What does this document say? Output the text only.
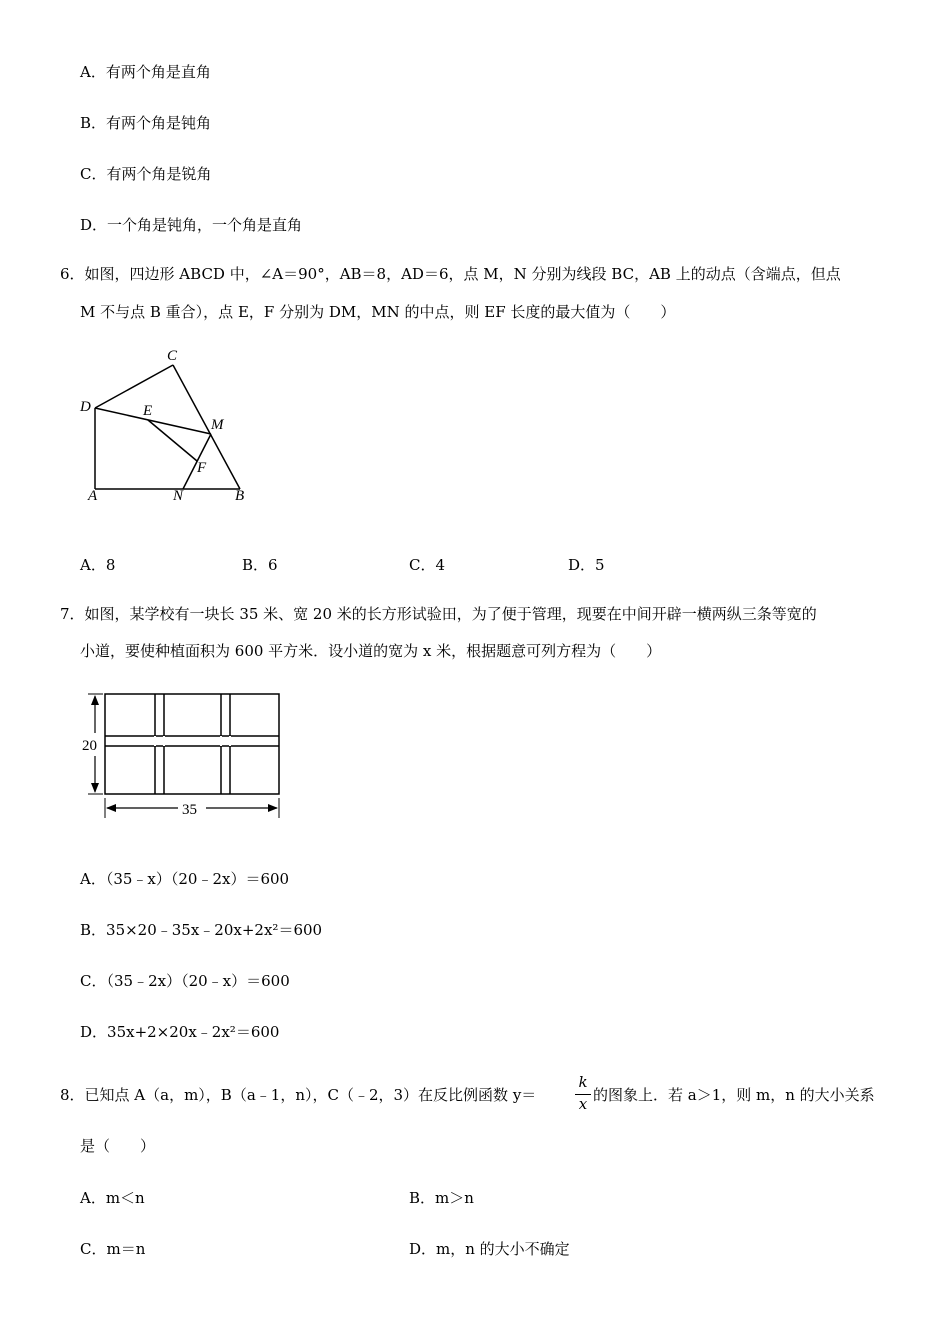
A．有两个角是直角
B．有两个角是钝角
C．有两个角是锐角
D．一个角是钝角，一个角是直角
6．如图，四边形 ABCD 中，∠A＝90°，AB＝8，AD＝6，点 M，N 分别为线段 BC，AB 上的动点（含端点，但点
M 不与点 B 重合），点 E，F 分别为 DM，MN 的中点，则 EF 长度的最大值为（　　）
C
D	E
M
F
A	N	B
A．8	B．6	C．4	D．5
7．如图，某学校有一块长 35 米、宽 20 米的长方形试验田，为了便于管理，现要在中间开辟一横两纵三条等宽的
小道，要使种植面积为 600 平方米．设小道的宽为 x 米，根据题意可列方程为（　　）
20
35
A．（35﹣x）（20﹣2x）＝600
B．35×20﹣35x﹣20x+2x²＝600
C．（35﹣2x）（20﹣x）＝600
D．35x+2×20x﹣2x²＝600
8．已知点 A（a，m），B（a﹣1，n），C（﹣2，3）在反比例函数 y＝
k
x 的图象上．若 a＞1，则 m，n 的大小关系
是（　　）
A．m＜n	B．m＞n
C．m＝n	D．m，n 的大小不确定
